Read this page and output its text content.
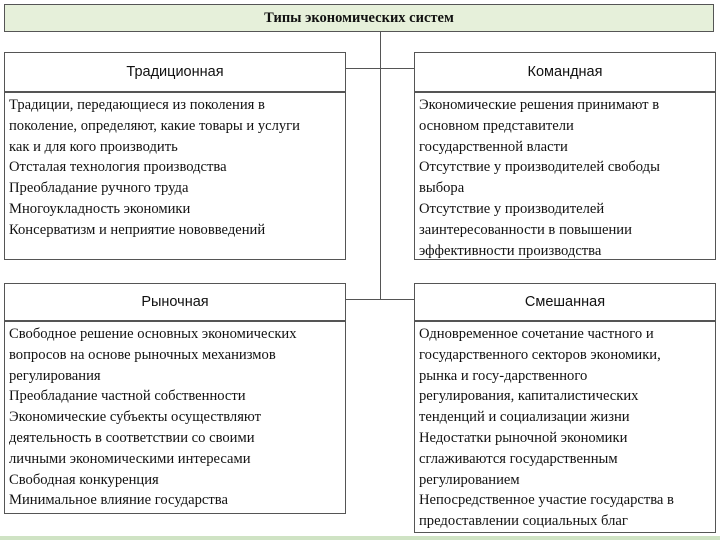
Типы экономических систем
Традиционная
Традиции, передающиеся из поколения в
поколение, определяют, какие товары и услуги
как и для кого производить
Отсталая технология производства
Преобладание ручного труда
Многоукладность экономики
Консерватизм и неприятие нововведений
Командная
Экономические решения принимают в
основном представители
государственной власти
Отсутствие у производителей свободы
выбора
Отсутствие у производителей
заинтересованности в повышении
эффективности производства
Рыночная
Свободное решение основных экономических
вопросов на основе рыночных механизмов
регулирования
Преобладание частной собственности
Экономические субъекты осуществляют
деятельность в соответствии со своими
личными экономическими интересами
Свободная конкуренция
Минимальное влияние государства
Смешанная
Одновременное сочетание частного и
государственного секторов экономики,
рынка и госу-дарственного
регулирования, капиталистических
тенденций и социализации жизни
Недостатки рыночной экономики
сглаживаются государственным
регулированием
Непосредственное участие государства в
предоставлении социальных благ
